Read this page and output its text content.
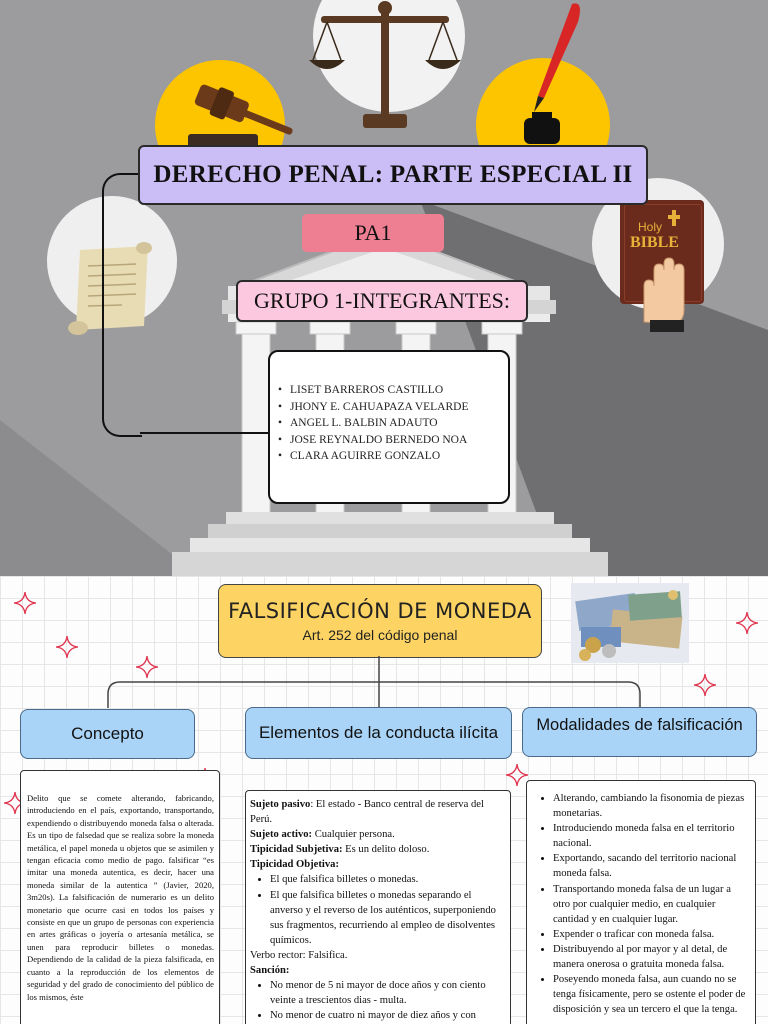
Holy
BIBLE
DERECHO PENAL: PARTE ESPECIAL II
PA1
GRUPO 1-INTEGRANTES:
• LISET BARREROS CASTILLO
• JHONY E. CAHUAPAZA VELARDE
• ANGEL L. BALBIN ADAUTO
• JOSE REYNALDO BERNEDO NOA
• CLARA AGUIRRE GONZALO
FALSIFICACIÓN DE MONEDA
Art. 252 del código penal
Concepto	Elementos de la conducta ilícita	Modalidades de falsificación
Delito que se comete alterando, fabricando, introduciendo en el país, exportando, transportando, expendiendo o distribuyendo moneda falsa o alterada. Es un tipo de falsedad que se realiza sobre la moneda metálica, el papel moneda u objetos que se asimilen y tengan eficacia como medio de pago. falsificar “es imitar una moneda autentica, es decir, hacer una moneda similar de la autentica ” (Javier, 2020, 3m20s). La falsificación de numerario es un delito monetario que ocurre casi en todos los países y consiste en que un grupo de personas con experiencia en artes gráficas o joyería o artesanía metálica, se unen para reproducir billetes o monedas. Dependiendo de la calidad de la pieza falsificada, en cuanto a la reproducción de los elementos de seguridad y del grado de conocimiento del público de los mismos, éste
Sujeto pasivo: El estado - Banco central de reserva del Perú.
Sujeto activo: Cualquier persona.
Tipicidad Subjetiva: Es un delito doloso.
Tipicidad Objetiva:
• El que falsifica billetes o monedas.
• El que falsifica billetes o monedas separando el anverso y el reverso de los auténticos, superponiendo sus fragmentos, recurriendo al empleo de disolventes químicos.
Verbo rector: Falsifica.
Sanción:
• No menor de 5 ni mayor de doce años y con ciento veinte a trescientos dias - multa.
• No menor de cuatro ni mayor de diez años y con
• Alterando, cambiando la fisonomia de piezas monetarias.
• Introduciendo moneda falsa en el territorio nacional.
• Exportando, sacando del territorio nacional moneda falsa.
• Transportando moneda falsa de un lugar a otro por cualquier medio, en cualquier cantidad y en cualquier lugar.
• Expender o traficar con moneda falsa.
• Distribuyendo al por mayor y al detal, de manera onerosa o gratuita moneda falsa.
• Poseyendo moneda falsa, aun cuando no se tenga físicamente, pero se ostente el poder de disposición y sea un tercero el que la tenga.
